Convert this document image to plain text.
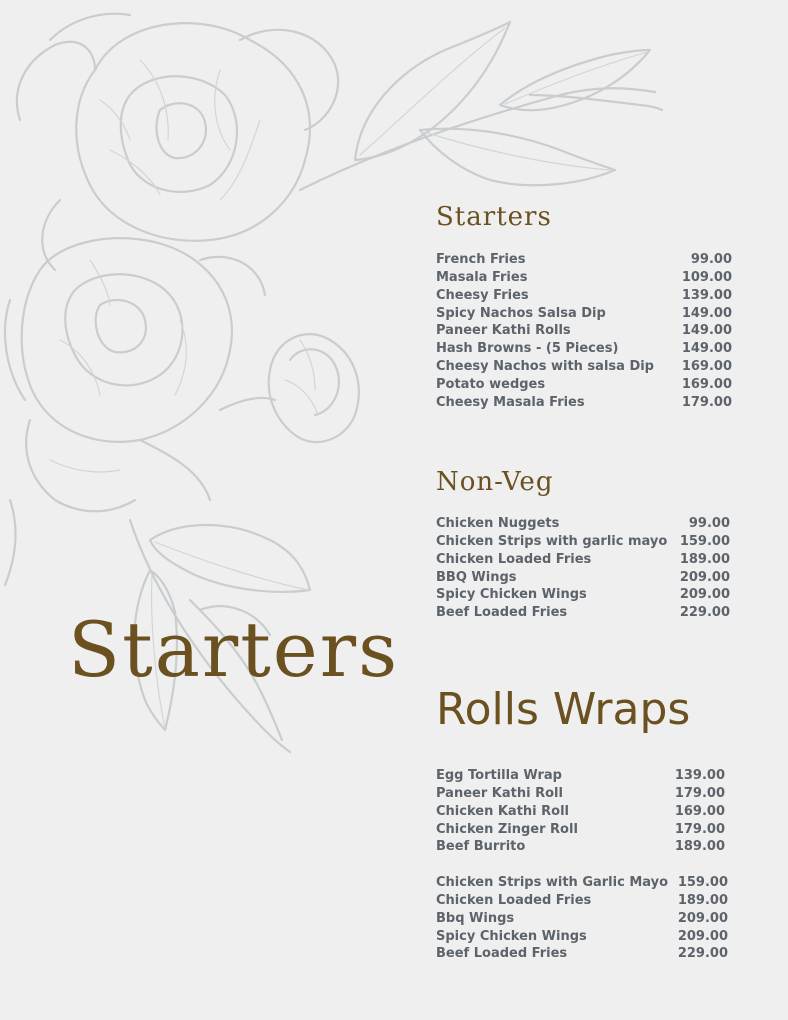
Starters
Starters
French Fries	99.00
Masala Fries	109.00
Cheesy Fries	139.00
Spicy Nachos Salsa Dip	149.00
Paneer Kathi Rolls	149.00
Hash Browns - (5 Pieces)	149.00
Cheesy Nachos with salsa Dip 169.00
Potato wedges	169.00
Cheesy Masala Fries	179.00
Non-Veg
Chicken Nuggets	99.00
Chicken Strips with garlic mayo 159.00
Chicken Loaded Fries	189.00
BBQ Wings	209.00
Spicy Chicken Wings	209.00
Beef Loaded Fries	229.00
Rolls Wraps
Egg Tortilla Wrap	139.00
Paneer Kathi Roll	179.00
Chicken Kathi Roll	169.00
Chicken Zinger Roll	179.00
Beef Burrito	189.00
Chicken Strips with Garlic Mayo 159.00
Chicken Loaded Fries	189.00
Bbq Wings	209.00
Spicy Chicken Wings	209.00
Beef Loaded Fries	229.00
